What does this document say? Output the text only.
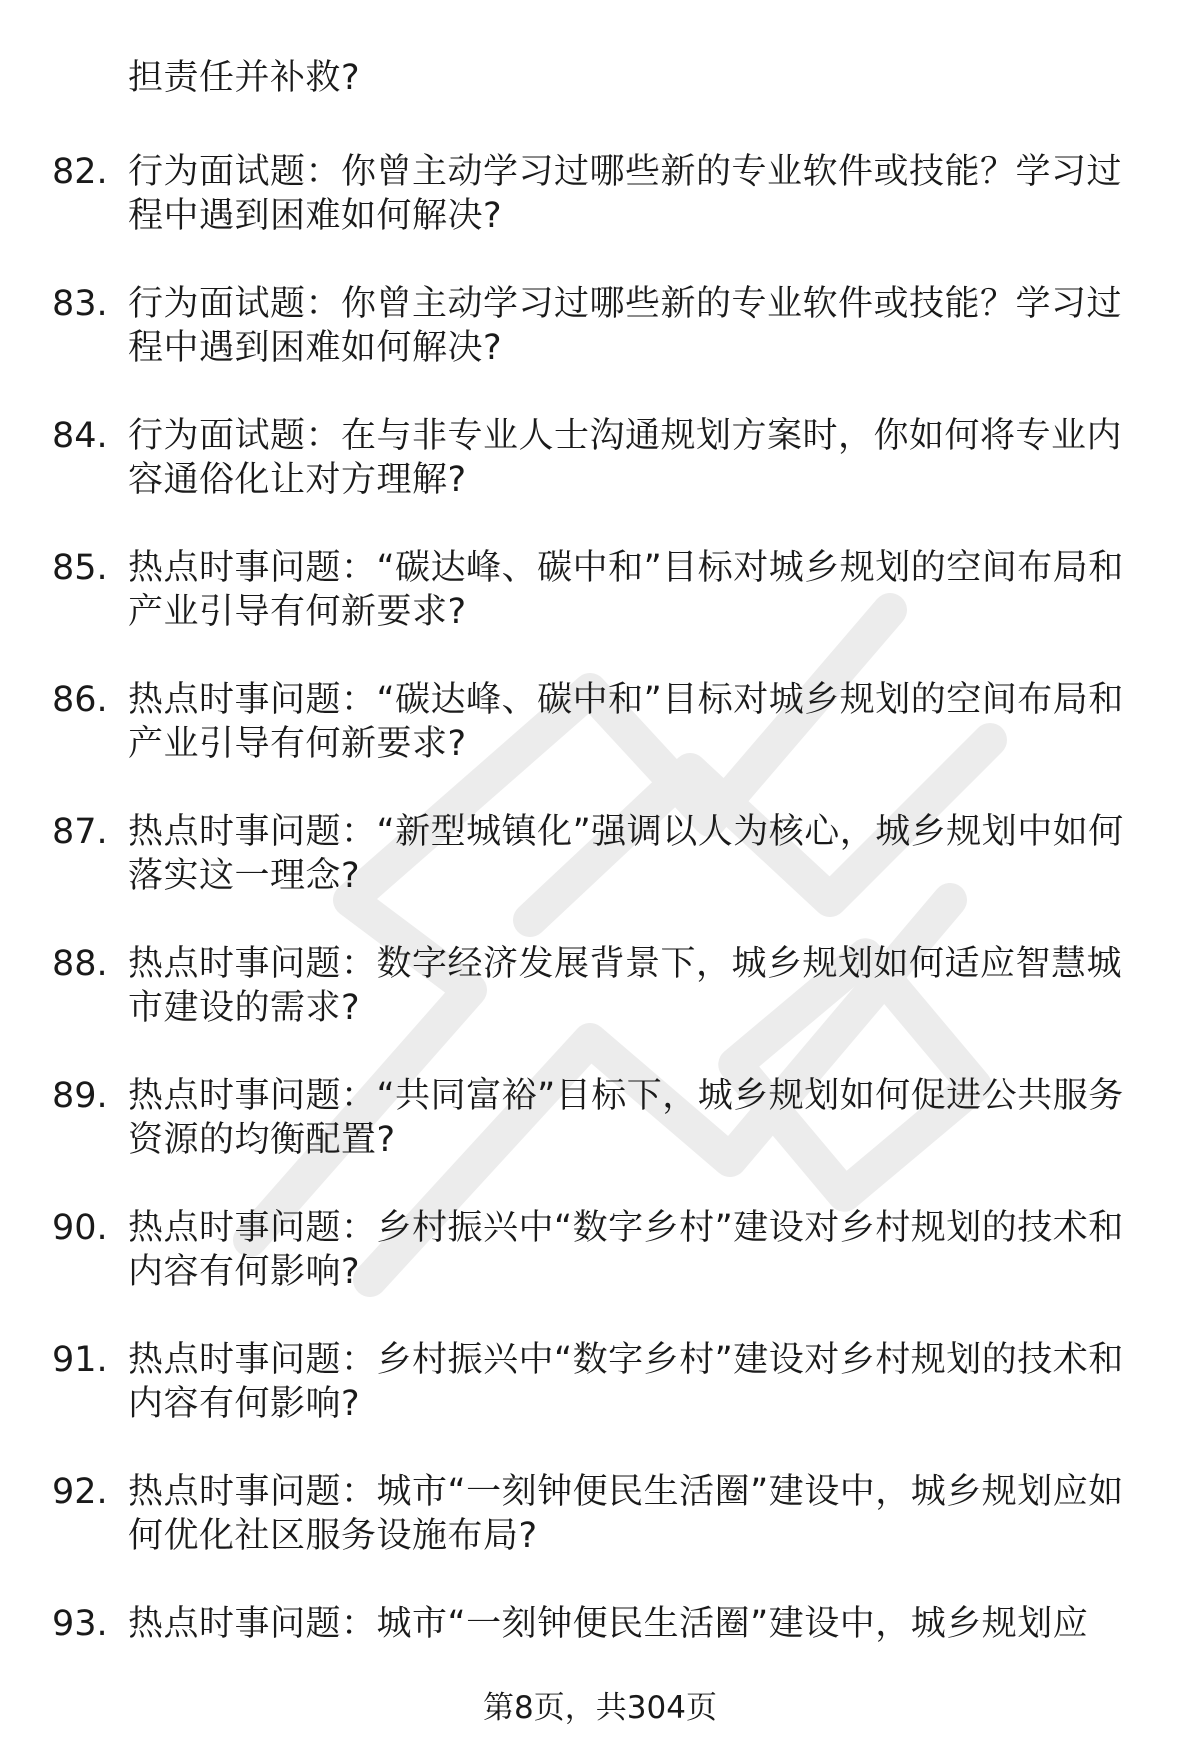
担责任并补救?
82. 行为面试题：你曾主动学习过哪些新的专业软件或技能？学习过程中遇到困难如何解决?
83. 行为面试题：你曾主动学习过哪些新的专业软件或技能？学习过程中遇到困难如何解决?
84. 行为面试题：在与非专业人士沟通规划方案时，你如何将专业内容通俗化让对方理解?
85. 热点时事问题：“碳达峰、碳中和”目标对城乡规划的空间布局和产业引导有何新要求?
86. 热点时事问题：“碳达峰、碳中和”目标对城乡规划的空间布局和产业引导有何新要求?
87. 热点时事问题：“新型城镇化”强调以人为核心，城乡规划中如何落实这一理念?
88. 热点时事问题：数字经济发展背景下，城乡规划如何适应智慧城市建设的需求?
89. 热点时事问题：“共同富裕”目标下，城乡规划如何促进公共服务资源的均衡配置?
90. 热点时事问题：乡村振兴中“数字乡村”建设对乡村规划的技术和内容有何影响?
91. 热点时事问题：乡村振兴中“数字乡村”建设对乡村规划的技术和内容有何影响?
92. 热点时事问题：城市“一刻钟便民生活圈”建设中，城乡规划应如何优化社区服务设施布局?
93. 热点时事问题：城市“一刻钟便民生活圈”建设中，城乡规划应
第8页，共304页
